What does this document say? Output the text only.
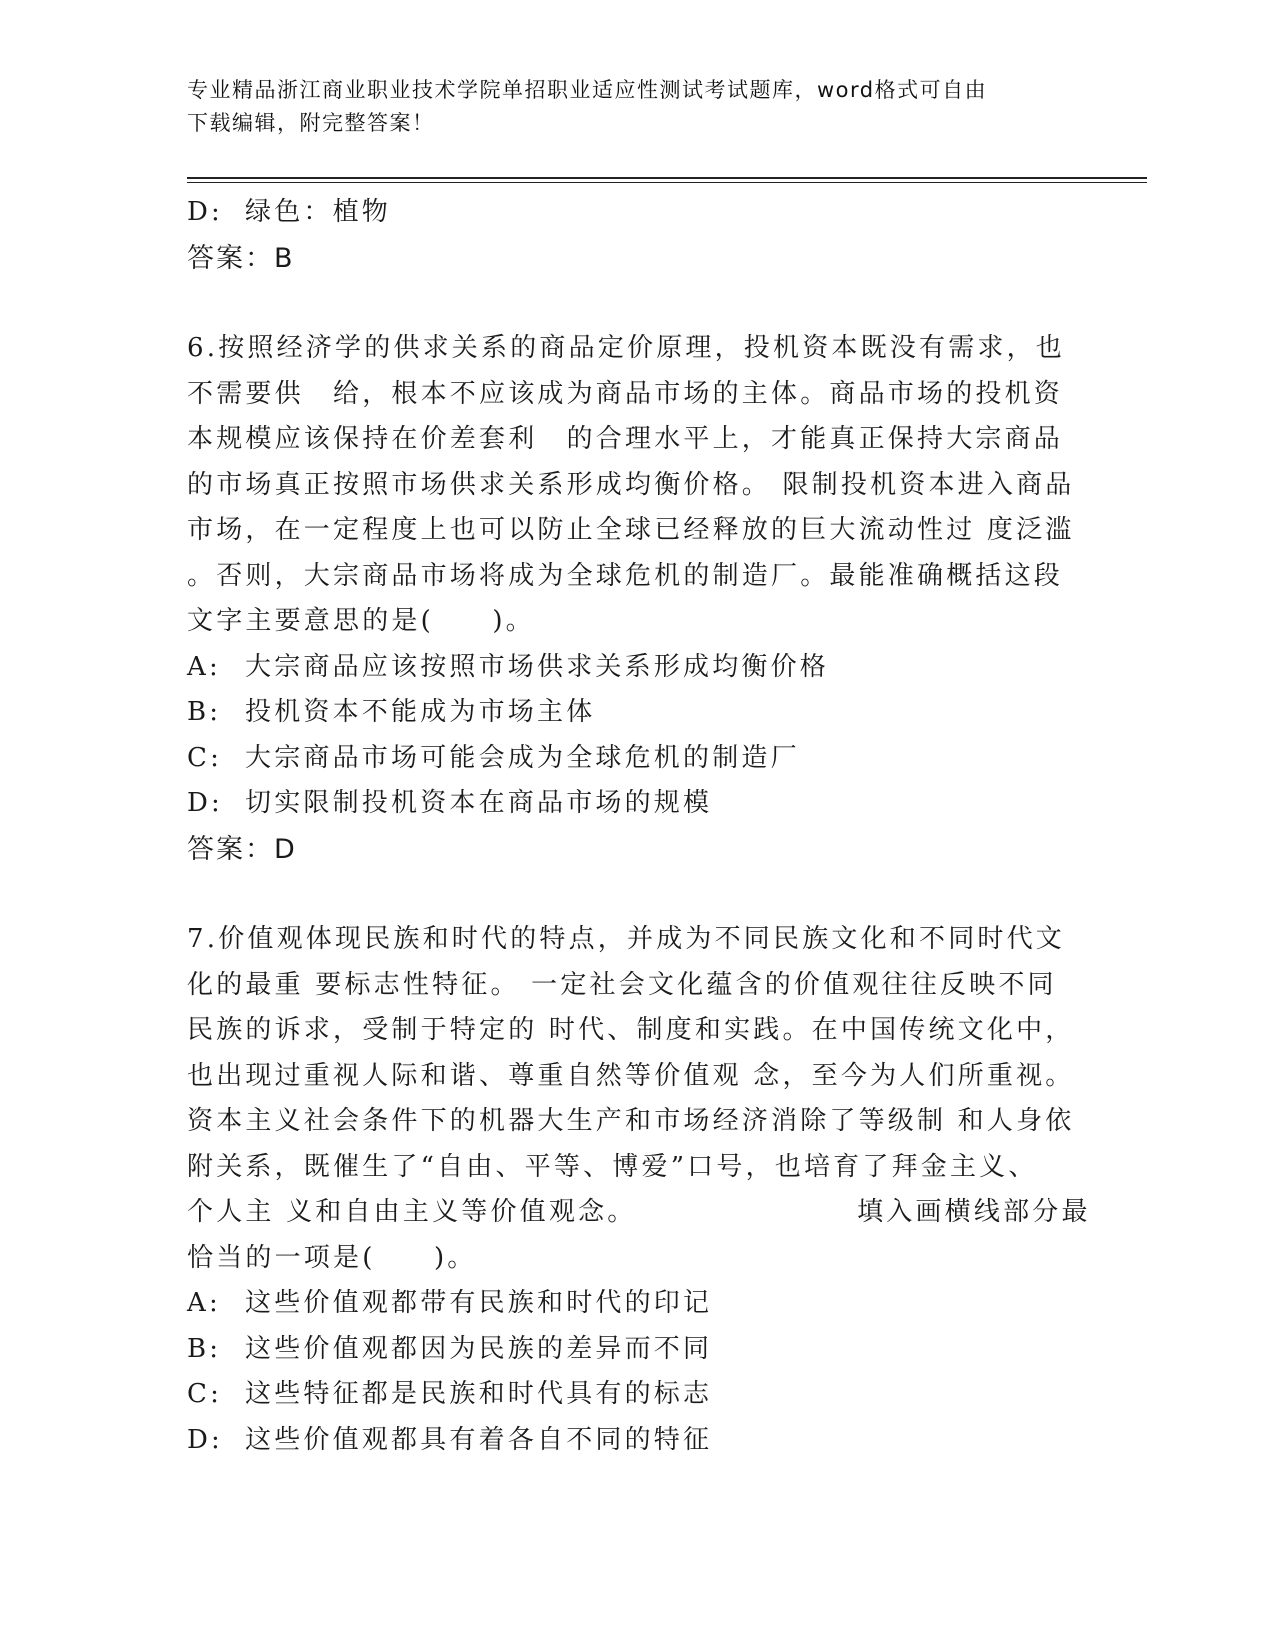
专业精品浙江商业职业技术学院单招职业适应性测试考试题库，word格式可自由
下载编辑，附完整答案！
D: 绿色：植物
答案：B
6.按照经济学的供求关系的商品定价原理，投机资本既没有需求，也
不需要供　给，根本不应该成为商品市场的主体。商品市场的投机资
本规模应该保持在价差套利　的合理水平上，才能真正保持大宗商品
的市场真正按照市场供求关系形成均衡价格。 限制投机资本进入商品
市场，在一定程度上也可以防止全球已经释放的巨大流动性过 度泛滥
。否则，大宗商品市场将成为全球危机的制造厂。最能准确概括这段
文字主要意思的是(　　)。
A: 大宗商品应该按照市场供求关系形成均衡价格
B: 投机资本不能成为市场主体
C: 大宗商品市场可能会成为全球危机的制造厂
D: 切实限制投机资本在商品市场的规模
答案：D
7.价值观体现民族和时代的特点，并成为不同民族文化和不同时代文
化的最重 要标志性特征。 一定社会文化蕴含的价值观往往反映不同
民族的诉求，受制于特定的 时代、制度和实践。在中国传统文化中，
也出现过重视人际和谐、尊重自然等价值观 念，至今为人们所重视。
资本主义社会条件下的机器大生产和市场经济消除了等级制 和人身依
附关系，既催生了“自由、平等、博爱”口号，也培育了拜金主义、
个人主 义和自由主义等价值观念。　　　　　　　　填入画横线部分最
恰当的一项是(　　)。
A: 这些价值观都带有民族和时代的印记
B: 这些价值观都因为民族的差异而不同
C: 这些特征都是民族和时代具有的标志
D: 这些价值观都具有着各自不同的特征
